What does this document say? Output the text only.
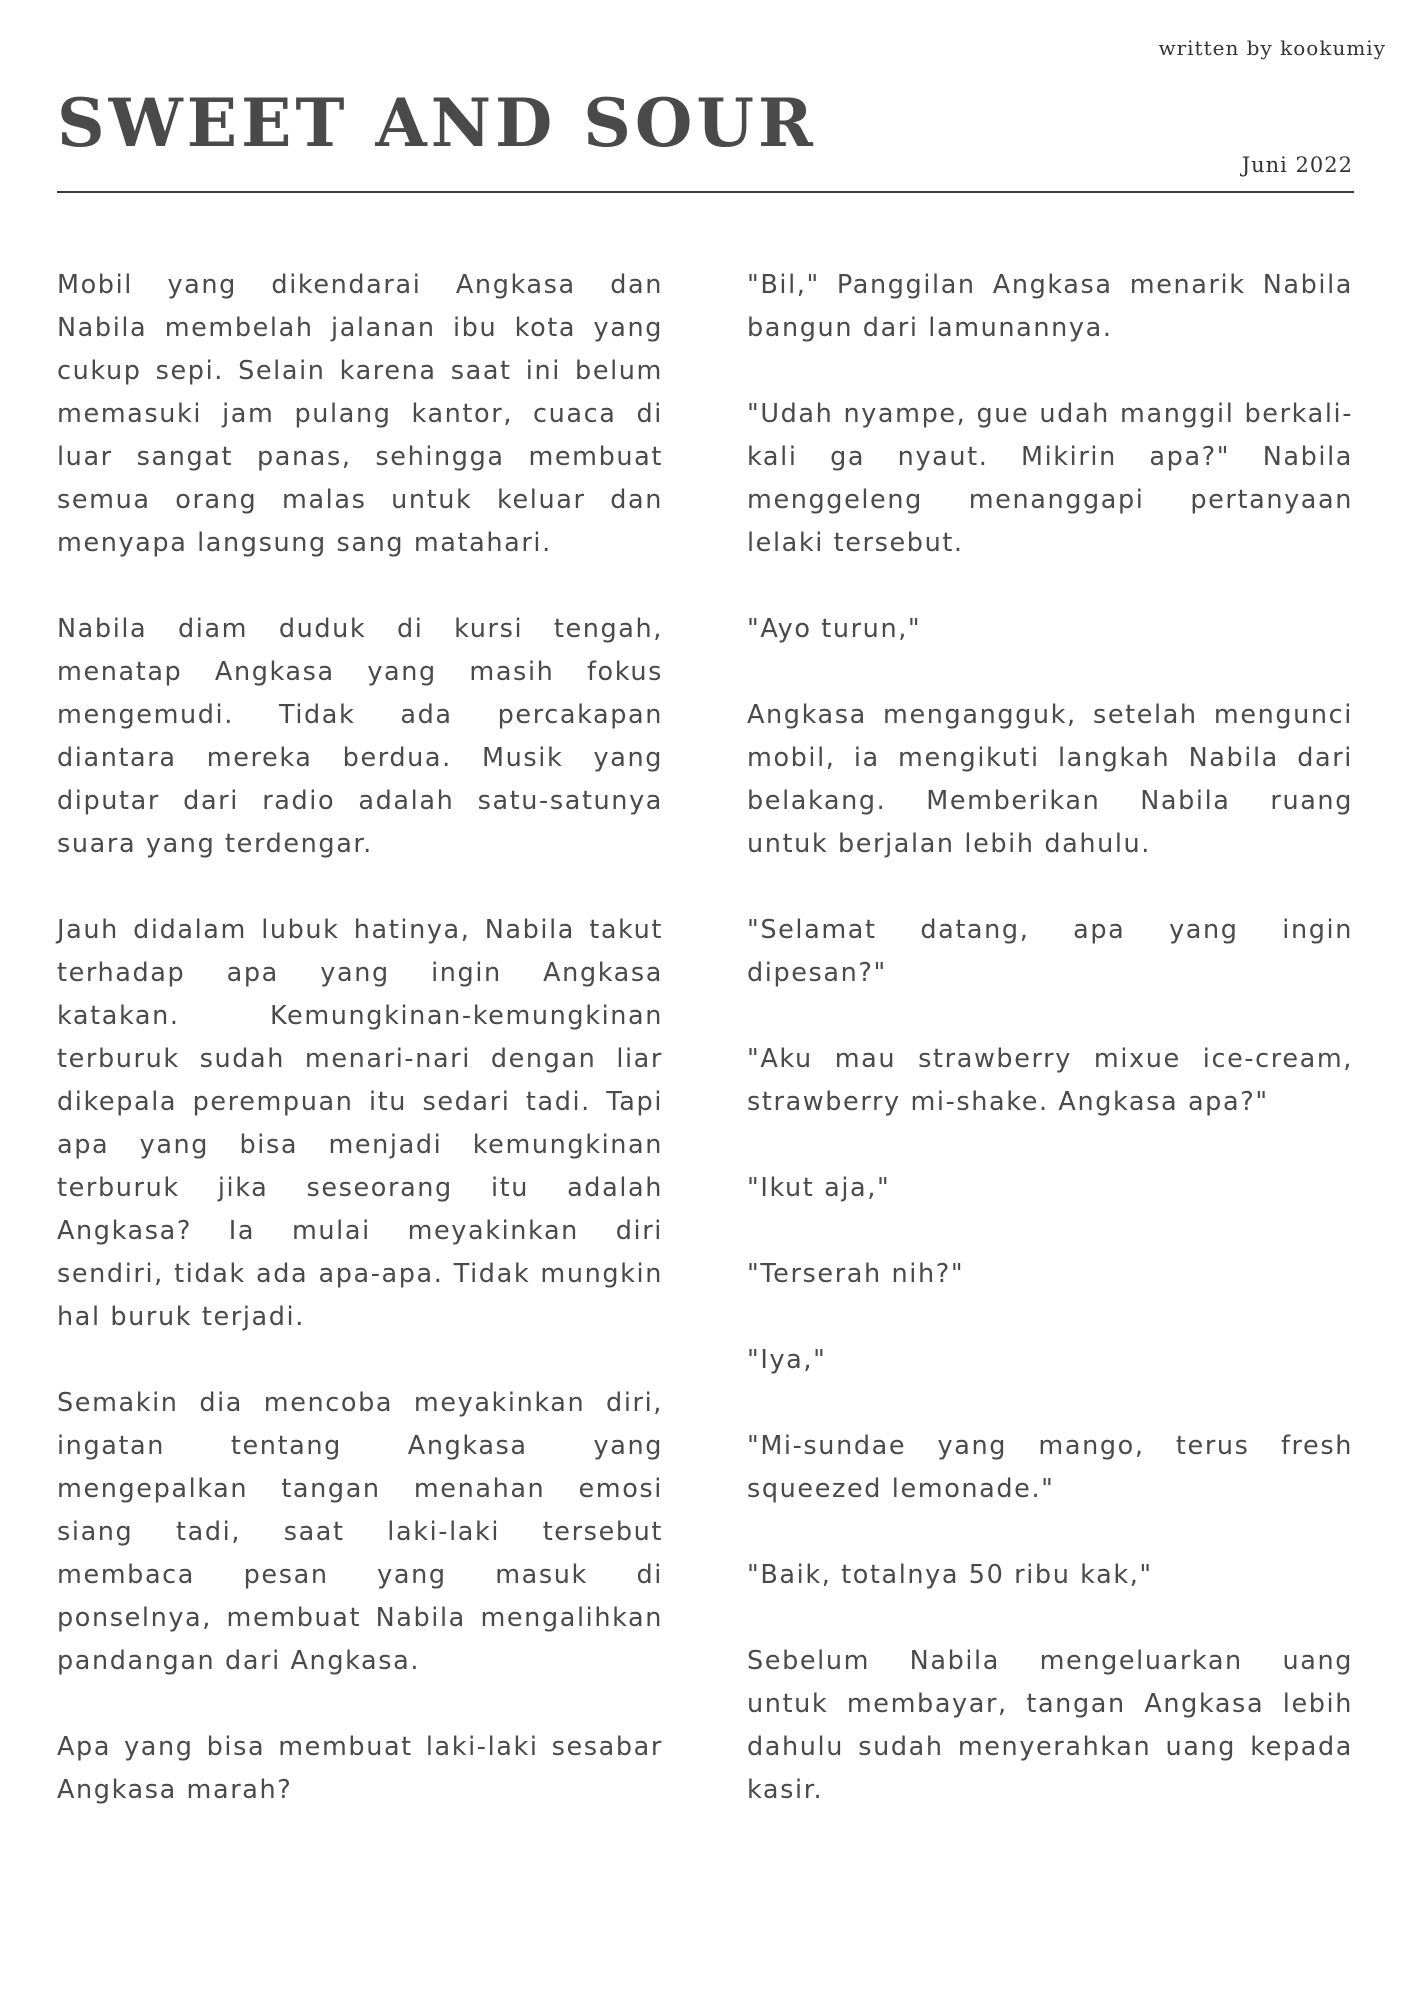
written by kookumiy
SWEET AND SOUR
Juni 2022

Mobil yang dikendarai Angkasa dan Nabila membelah jalanan ibu kota yang cukup sepi. Selain karena saat ini belum memasuki jam pulang kantor, cuaca di luar sangat panas, sehingga membuat semua orang malas untuk keluar dan menyapa langsung sang matahari.

Nabila diam duduk di kursi tengah, menatap Angkasa yang masih fokus mengemudi. Tidak ada percakapan diantara mereka berdua. Musik yang diputar dari radio adalah satu-satunya suara yang terdengar.

Jauh didalam lubuk hatinya, Nabila takut terhadap apa yang ingin Angkasa katakan. Kemungkinan-kemungkinan terburuk sudah menari-nari dengan liar dikepala perempuan itu sedari tadi. Tapi apa yang bisa menjadi kemungkinan terburuk jika seseorang itu adalah Angkasa? Ia mulai meyakinkan diri sendiri, tidak ada apa-apa. Tidak mungkin hal buruk terjadi.

Semakin dia mencoba meyakinkan diri, ingatan tentang Angkasa yang mengepalkan tangan menahan emosi siang tadi, saat laki-laki tersebut membaca pesan yang masuk di ponselnya, membuat Nabila mengalihkan pandangan dari Angkasa.

Apa yang bisa membuat laki-laki sesabar Angkasa marah?

"Bil," Panggilan Angkasa menarik Nabila bangun dari lamunannya.

"Udah nyampe, gue udah manggil berkali-kali ga nyaut. Mikirin apa?" Nabila menggeleng menanggapi pertanyaan lelaki tersebut.

"Ayo turun,"

Angkasa mengangguk, setelah mengunci mobil, ia mengikuti langkah Nabila dari belakang. Memberikan Nabila ruang untuk berjalan lebih dahulu.

"Selamat datang, apa yang ingin dipesan?"

"Aku mau strawberry mixue ice-cream, strawberry mi-shake. Angkasa apa?"

"Ikut aja,"

"Terserah nih?"

"Iya,"

"Mi-sundae yang mango, terus fresh squeezed lemonade."

"Baik, totalnya 50 ribu kak,"

Sebelum Nabila mengeluarkan uang untuk membayar, tangan Angkasa lebih dahulu sudah menyerahkan uang kepada kasir.
